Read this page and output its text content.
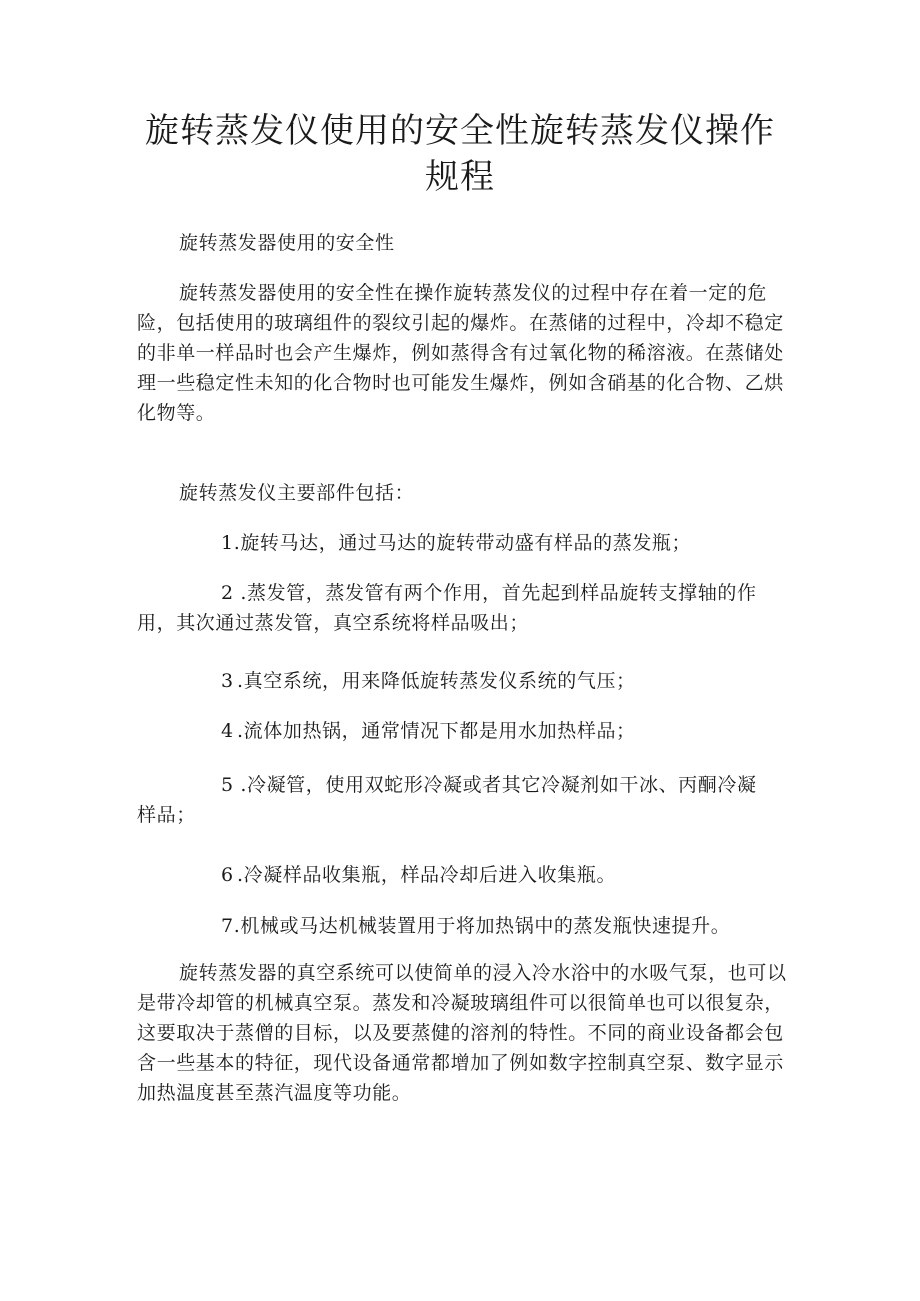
旋转蒸发仪使用的安全性旋转蒸发仪操作规程

旋转蒸发器使用的安全性

旋转蒸发器使用的安全性在操作旋转蒸发仪的过程中存在着一定的危险，包括使用的玻璃组件的裂纹引起的爆炸。在蒸储的过程中，冷却不稳定的非单一样品时也会产生爆炸，例如蒸得含有过氧化物的稀溶液。在蒸储处理一些稳定性未知的化合物时也可能发生爆炸，例如含硝基的化合物、乙烘化物等。

旋转蒸发仪主要部件包括：

1.旋转马达，通过马达的旋转带动盛有样品的蒸发瓶；

2 .蒸发管，蒸发管有两个作用，首先起到样品旋转支撑轴的作用，其次通过蒸发管，真空系统将样品吸出；

3 .真空系统，用来降低旋转蒸发仪系统的气压；

4 .流体加热锅，通常情况下都是用水加热样品；

5 .冷凝管，使用双蛇形冷凝或者其它冷凝剂如干冰、丙酮冷凝样品；

6 .冷凝样品收集瓶，样品冷却后进入收集瓶。

7.机械或马达机械装置用于将加热锅中的蒸发瓶快速提升。

旋转蒸发器的真空系统可以使简单的浸入冷水浴中的水吸气泵，也可以是带冷却管的机械真空泵。蒸发和冷凝玻璃组件可以很简单也可以很复杂，这要取决于蒸僧的目标，以及要蒸健的溶剂的特性。不同的商业设备都会包含一些基本的特征，现代设备通常都增加了例如数字控制真空泵、数字显示加热温度甚至蒸汽温度等功能。
